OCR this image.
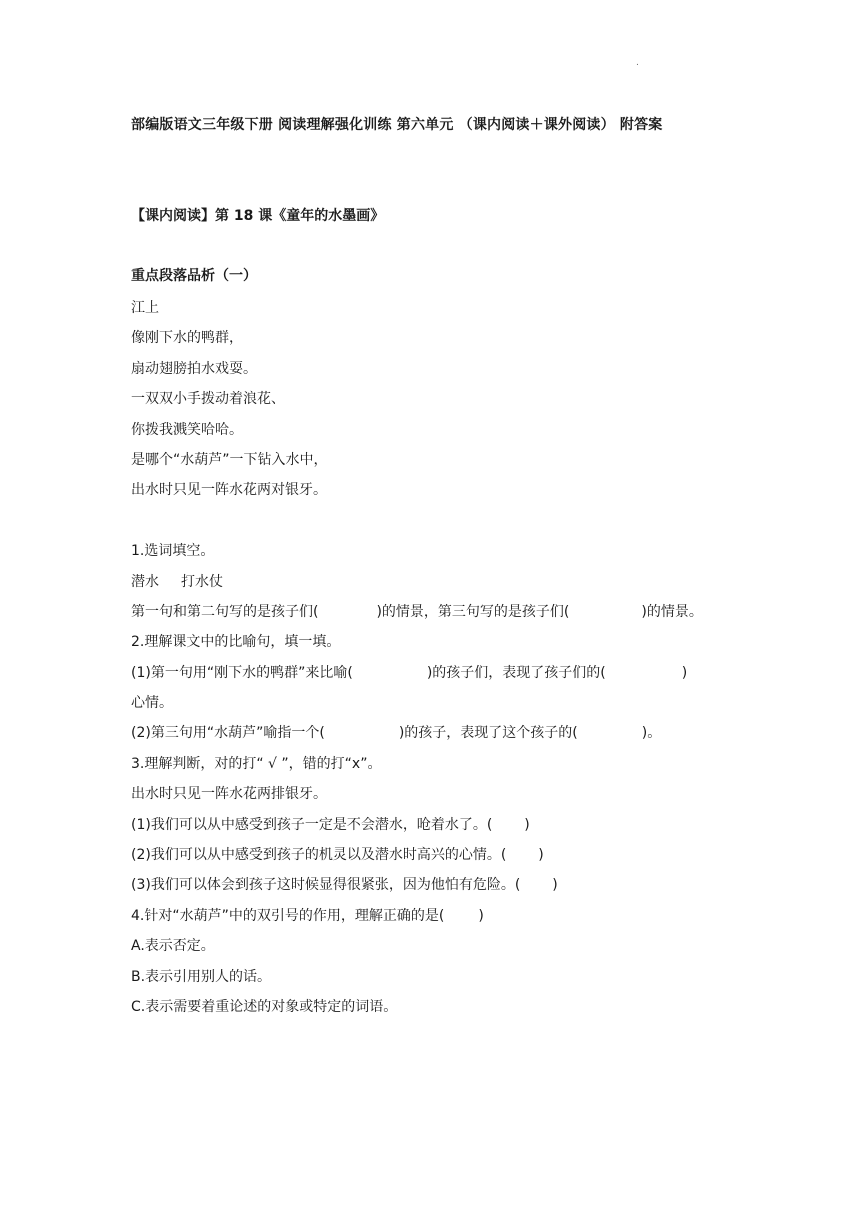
.
部编版语文三年级下册 阅读理解强化训练 第六单元 （课内阅读＋课外阅读） 附答案
【课内阅读】第 18 课《童年的水墨画》
重点段落品析（一）
江上
像刚下水的鸭群，
扇动翅膀拍水戏耍。
一双双小手拨动着浪花、
你拨我溅笑哈哈。
是哪个“水葫芦”一下钻入水中，
出水时只见一阵水花两对银牙。
1.选词填空。
潜水 打水仗
第一句和第二句写的是孩子们(	)的情景，第三句写的是孩子们(	)的情景。
2.理解课文中的比喻句，填一填。
(1)第一句用“刚下水的鸭群”来比喻(	)的孩子们，表现了孩子们的(	)
心情。
(2)第三句用“水葫芦”喻指一个(	)的孩子，表现了这个孩子的(	)。
3.理解判断，对的打“ √ ”，错的打“x”。
出水时只见一阵水花两排银牙。
(1)我们可以从中感受到孩子一定是不会潜水，呛着水了。( )
(2)我们可以从中感受到孩子的机灵以及潜水时高兴的心情。( )
(3)我们可以体会到孩子这时候显得很紧张，因为他怕有危险。( )
4.针对“水葫芦”中的双引号的作用，理解正确的是( )
A.表示否定。
B.表示引用别人的话。
C.表示需要着重论述的对象或特定的词语。
